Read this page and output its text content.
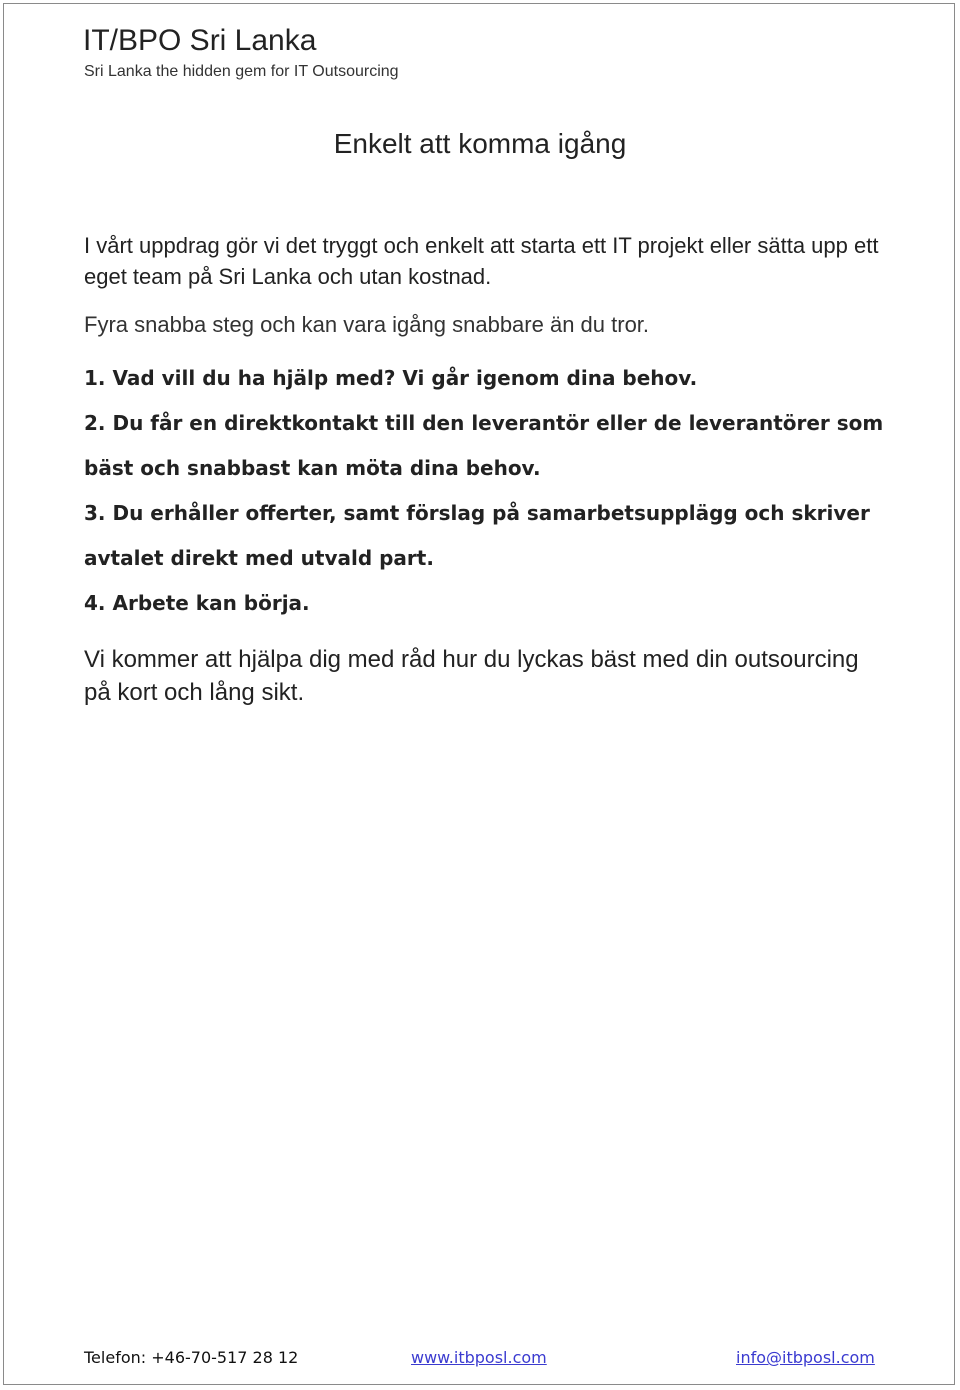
IT/BPO Sri Lanka
Sri Lanka the hidden gem for IT Outsourcing
Enkelt att komma igång
I vårt uppdrag gör vi det tryggt och enkelt att starta ett IT projekt eller sätta upp ett eget team på Sri Lanka och utan kostnad.
Fyra snabba steg och kan vara igång snabbare än du tror.
1. Vad vill du ha hjälp med? Vi går igenom dina behov.
2. Du får en direktkontakt till den leverantör eller de leverantörer som bäst och snabbast kan möta dina behov.
3. Du erhåller offerter, samt förslag på samarbetsupplägg och skriver avtalet direkt med utvald part.
4. Arbete kan börja.
Vi kommer att hjälpa dig med råd hur du lyckas bäst med din outsourcing på kort och lång sikt.
Telefon: +46-70-517 28 12	www.itbposl.com	info@itbposl.com
